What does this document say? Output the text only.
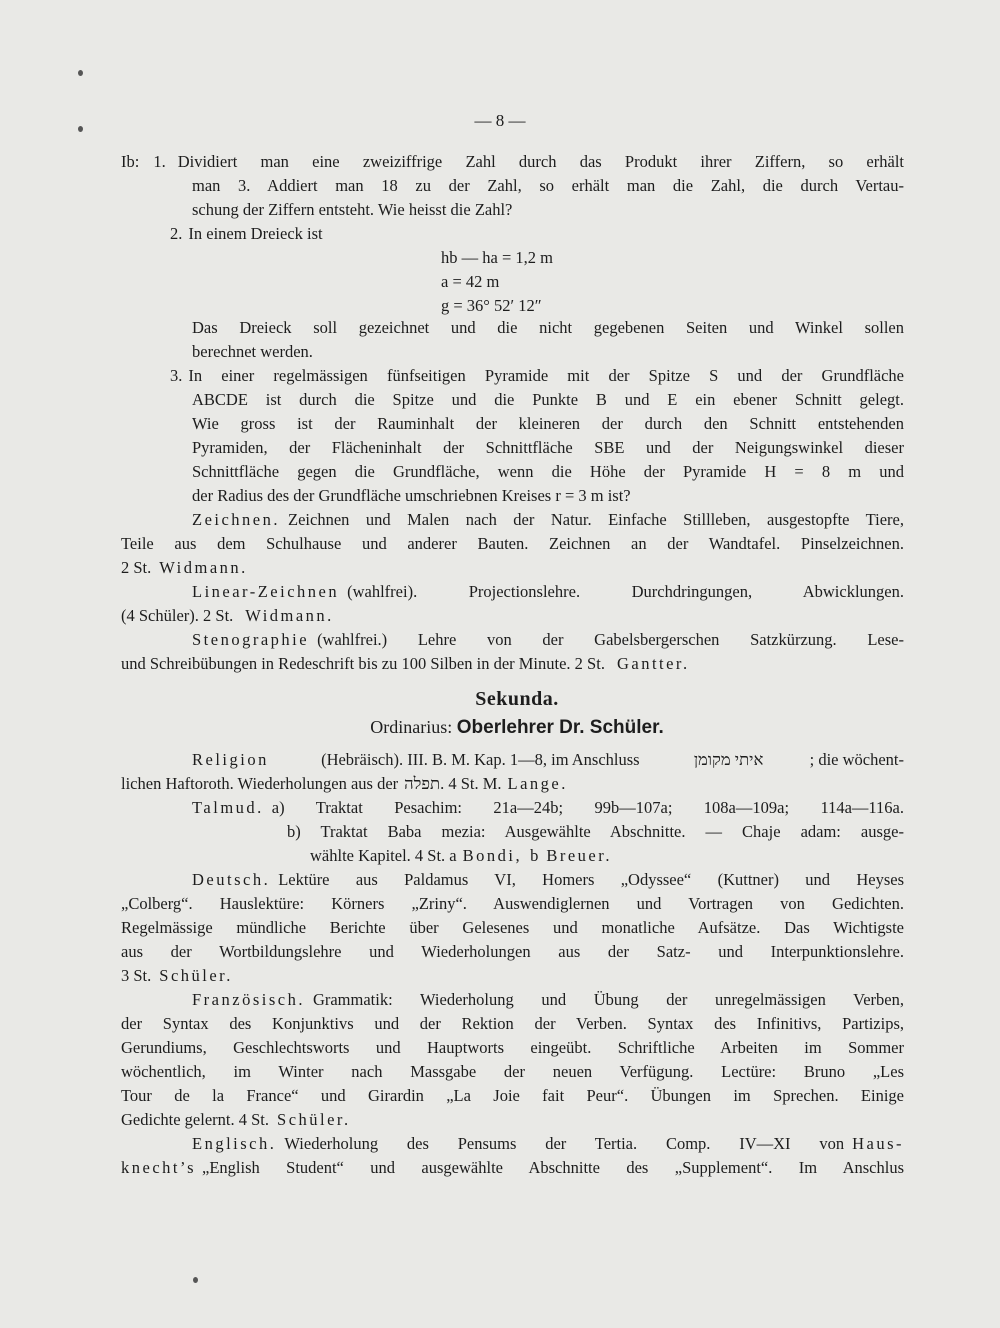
— 8 —
Ib: 1. Dividiert man eine zweiziffrige Zahl durch das Produkt ihrer Ziffern, so erhält
man 3. Addiert man 18 zu der Zahl, so erhält man die Zahl, die durch Vertau-
schung der Ziffern entsteht. Wie heisst die Zahl?
2. In einem Dreieck ist
hb — ha = 1,2 m
a = 42 m
g = 36° 52′ 12″
Das Dreieck soll gezeichnet und die nicht gegebenen Seiten und Winkel sollen
berechnet werden.
3. In einer regelmässigen fünfseitigen Pyramide mit der Spitze S und der Grundfläche
ABCDE ist durch die Spitze und die Punkte B und E ein ebener Schnitt gelegt.
Wie gross ist der Rauminhalt der kleineren der durch den Schnitt entstehenden
Pyramiden, der Flächeninhalt der Schnittfläche SBE und der Neigungswinkel dieser
Schnittfläche gegen die Grundfläche, wenn die Höhe der Pyramide H = 8 m und
der Radius des der Grundfläche umschriebnen Kreises r = 3 m ist?
Zeichnen. Zeichnen und Malen nach der Natur. Einfache Stillleben, ausgestopfte Tiere,
Teile aus dem Schulhause und anderer Bauten. Zeichnen an der Wandtafel. Pinselzeichnen.
2 St. Widmann.
Linear-Zeichnen (wahlfrei). Projectionslehre. Durchdringungen, Abwicklungen.
(4 Schüler). 2 St. Widmann.
Stenographie (wahlfrei.) Lehre von der Gabelsbergerschen Satzkürzung. Lese-
und Schreibübungen in Redeschrift bis zu 100 Silben in der Minute. 2 St. Gantter.
Sekunda.
Ordinarius: Oberlehrer Dr. Schüler.
Religion	(Hebräisch). III. B. M. Kap. 1—8, im Anschluss	איתי מקומן	; die wöchent-
lichen Haftoroth. Wiederholungen aus der תפלה . 4 St. M. Lange.
Talmud. a) Traktat Pesachim: 21a—24b; 99b—107a; 108a—109a; 114a—116a.
b) Traktat Baba mezia: Ausgewählte Abschnitte. — Chaje adam: ausge-
wählte Kapitel. 4 St. a Bondi, b Breuer.
Deutsch. Lektüre aus Paldamus VI, Homers „Odyssee“ (Kuttner) und Heyses
„Colberg“. Hauslektüre: Körners „Zriny“. Auswendiglernen und Vortragen von Gedichten.
Regelmässige mündliche Berichte über Gelesenes und monatliche Aufsätze. Das Wichtigste
aus der Wortbildungslehre und Wiederholungen aus der Satz- und Interpunktionslehre.
3 St. Schüler.
Französisch. Grammatik: Wiederholung und Übung der unregelmässigen Verben,
der Syntax des Konjunktivs und der Rektion der Verben. Syntax des Infinitivs, Partizips,
Gerundiums, Geschlechtsworts und Hauptworts eingeübt. Schriftliche Arbeiten im Sommer
wöchentlich, im Winter nach Massgabe der neuen Verfügung. Lectüre: Bruno „Les
Tour de la France“ und Girardin „La Joie fait Peur“. Übungen im Sprechen. Einige
Gedichte gelernt. 4 St. Schüler.
Englisch. Wiederholung des Pensums der Tertia. Comp. IV—XI von Haus-
knecht’s „English Student“ und ausgewählte Abschnitte des „Supplement“. Im Anschlus
